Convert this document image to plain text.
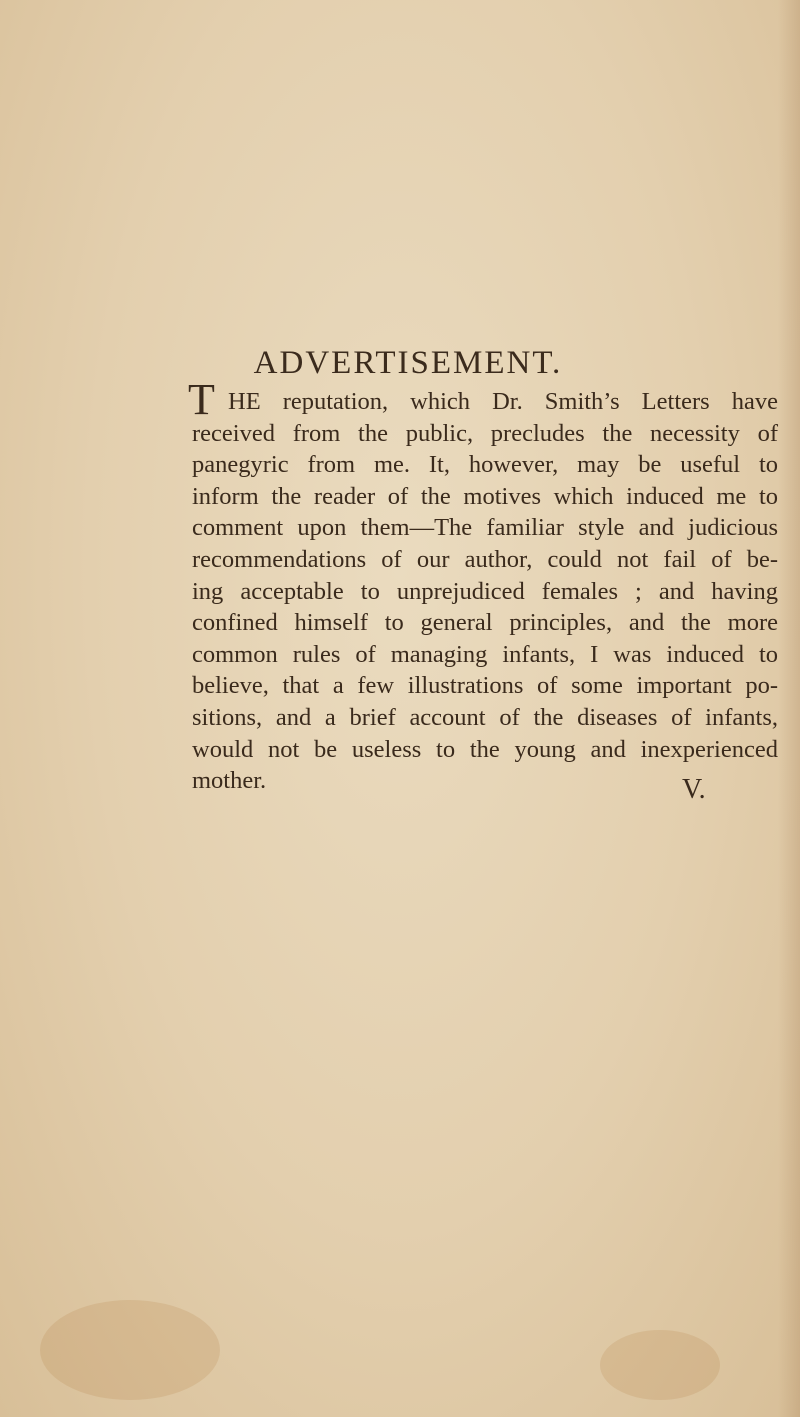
ADVERTISEMENT.
T HE reputation, which Dr. Smith’s Letters have
received from the public, precludes the necessity of
panegyric from me. It, however, may be useful to
inform the reader of the motives which induced me to
comment upon them—The familiar style and judicious
recommendations of our author, could not fail of be-
ing acceptable to unprejudiced females ; and having
confined himself to general principles, and the more
common rules of managing infants, I was induced to
believe, that a few illustrations of some important po-
sitions, and a brief account of the diseases of infants,
would not be useless to the young and inexperienced
mother.	V.
